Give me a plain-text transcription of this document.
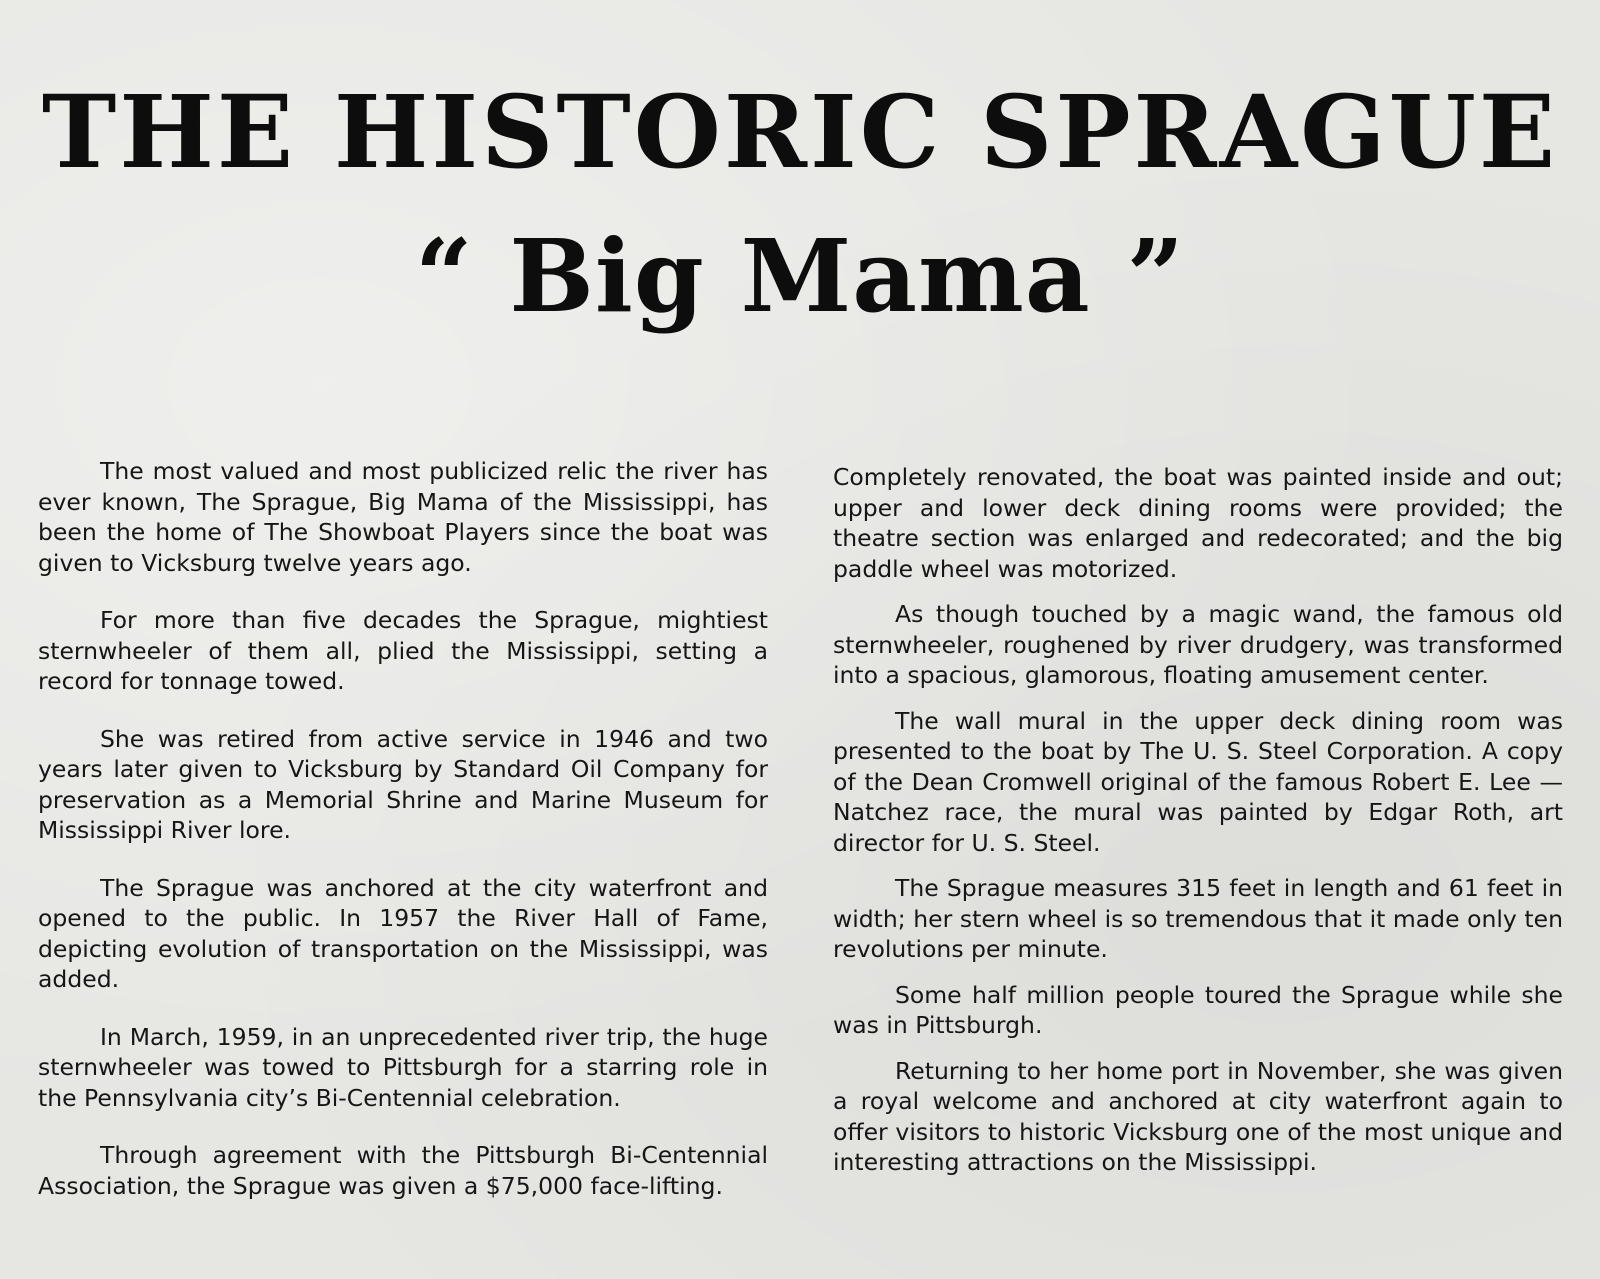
THE HISTORIC SPRAGUE
“ Big Mama ”

The most valued and most publicized relic the river has ever known, The Sprague, Big Mama of the Mississippi, has been the home of The Showboat Players since the boat was given to Vicksburg twelve years ago.

For more than five decades the Sprague, mightiest sternwheeler of them all, plied the Mississippi, setting a record for tonnage towed.

She was retired from active service in 1946 and two years later given to Vicksburg by Standard Oil Company for preservation as a Memorial Shrine and Marine Museum for Mississippi River lore.

The Sprague was anchored at the city waterfront and opened to the public. In 1957 the River Hall of Fame, depicting evolution of transportation on the Mississippi, was added.

In March, 1959, in an unprecedented river trip, the huge sternwheeler was towed to Pittsburgh for a starring role in the Pennsylvania city’s Bi-Centennial celebration.

Through agreement with the Pittsburgh Bi-Centennial Association, the Sprague was given a $75,000 face-lifting.

Completely renovated, the boat was painted inside and out; upper and lower deck dining rooms were provided; the theatre section was enlarged and redecorated; and the big paddle wheel was motorized.

As though touched by a magic wand, the famous old sternwheeler, roughened by river drudgery, was transformed into a spacious, glamorous, floating amusement center.

The wall mural in the upper deck dining room was presented to the boat by The U. S. Steel Corporation. A copy of the Dean Cromwell original of the famous Robert E. Lee — Natchez race, the mural was painted by Edgar Roth, art director for U. S. Steel.

The Sprague measures 315 feet in length and 61 feet in width; her stern wheel is so tremendous that it made only ten revolutions per minute.

Some half million people toured the Sprague while she was in Pittsburgh.

Returning to her home port in November, she was given a royal welcome and anchored at city waterfront again to offer visitors to historic Vicksburg one of the most unique and interesting attractions on the Mississippi.
